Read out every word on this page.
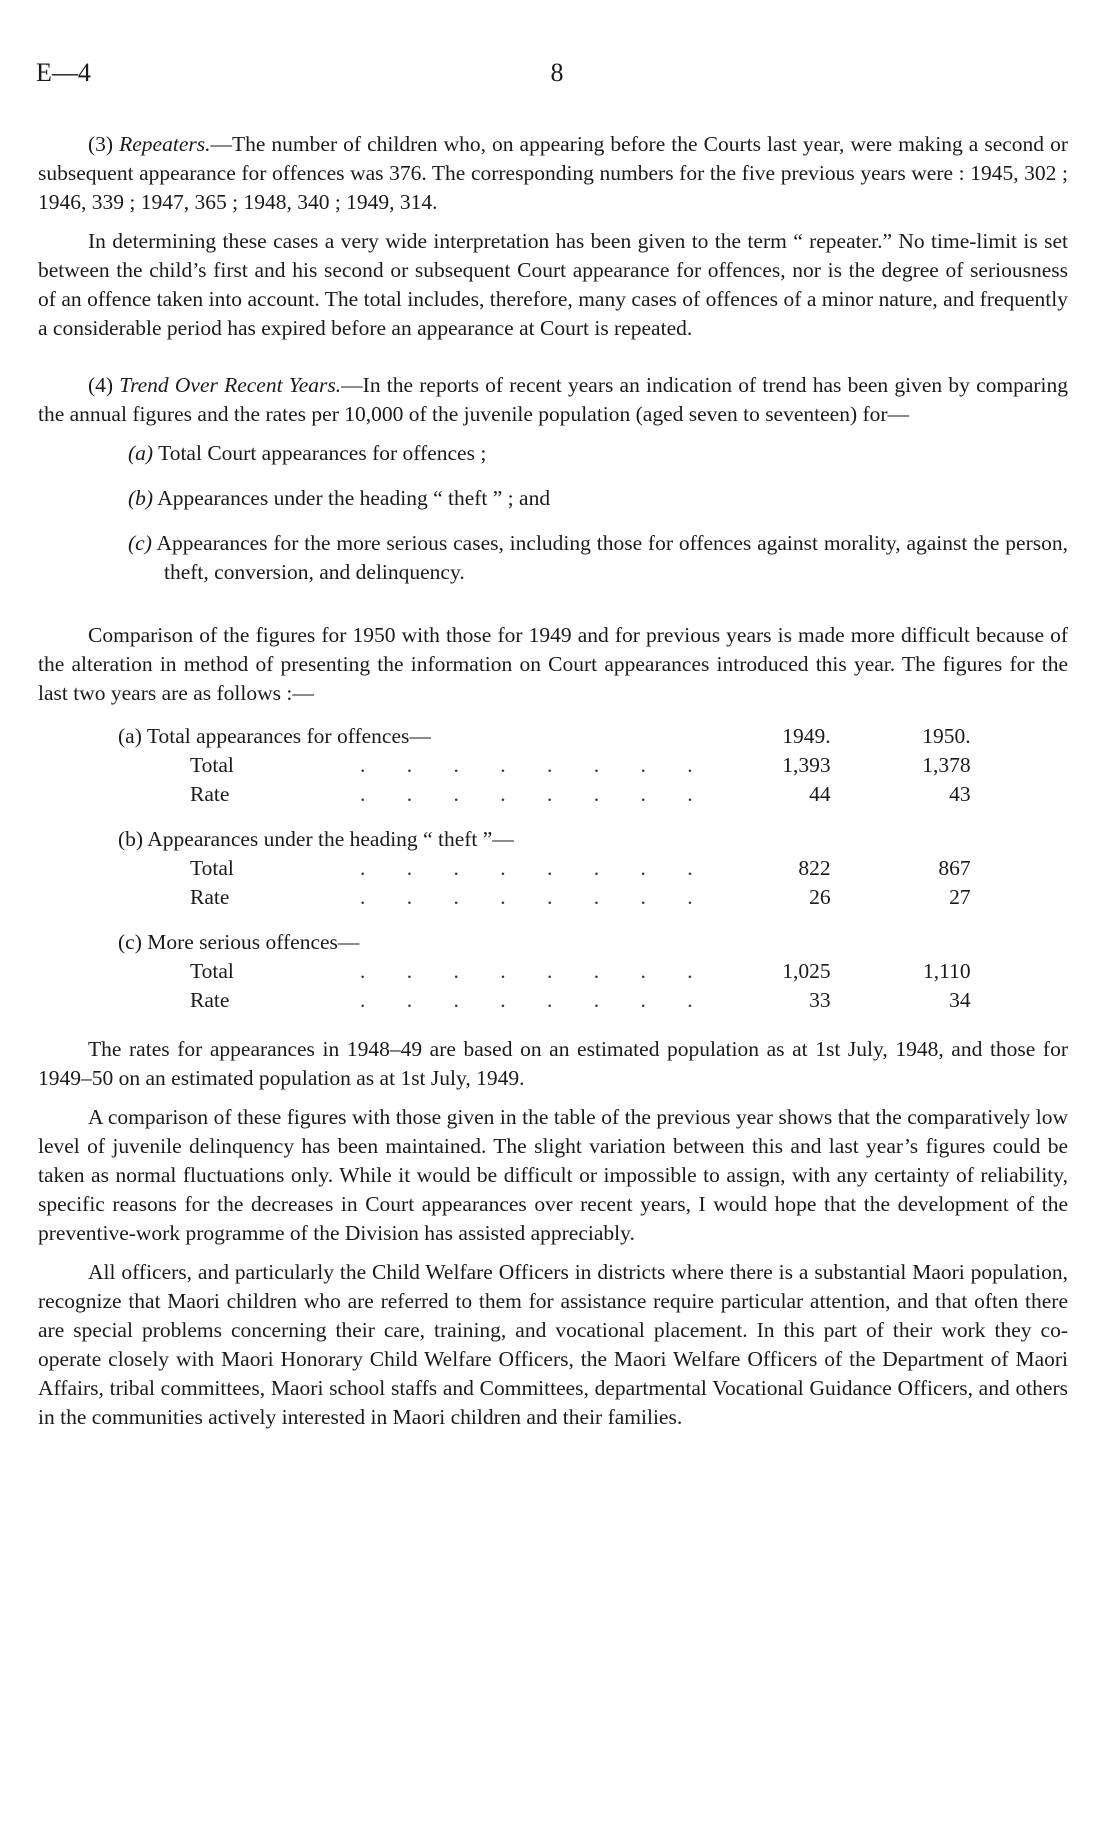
E—4	8

(3) Repeaters.—The number of children who, on appearing before the Courts last year, were making a second or subsequent appearance for offences was 376. The corresponding numbers for the five previous years were : 1945, 302 ; 1946, 339 ; 1947, 365 ; 1948, 340 ; 1949, 314.

In determining these cases a very wide interpretation has been given to the term “ repeater.” No time-limit is set between the child’s first and his second or subsequent Court appearance for offences, nor is the degree of seriousness of an offence taken into account. The total includes, therefore, many cases of offences of a minor nature, and frequently a considerable period has expired before an appearance at Court is repeated.

(4) Trend Over Recent Years.—In the reports of recent years an indication of trend has been given by comparing the annual figures and the rates per 10,000 of the juvenile population (aged seven to seventeen) for—

(a) Total Court appearances for offences ;
(b) Appearances under the heading “ theft ” ; and
(c) Appearances for the more serious cases, including those for offences against morality, against the person, theft, conversion, and delinquency.

Comparison of the figures for 1950 with those for 1949 and for previous years is made more difficult because of the alteration in method of presenting the information on Court appearances introduced this year. The figures for the last two years are as follows :—

(a) Total appearances for offences—		1949.	1950.
Total	. . . . . . . .	1,393	1,378
Rate	. . . . . . . .	44	43

(b) Appearances under the heading “ theft ”—			
Total	. . . . . . . .	822	867
Rate	. . . . . . . .	26	27

(c) More serious offences—			
Total	. . . . . . . .	1,025	1,110
Rate	. . . . . . . .	33	34

The rates for appearances in 1948–49 are based on an estimated population as at 1st July, 1948, and those for 1949–50 on an estimated population as at 1st July, 1949.

A comparison of these figures with those given in the table of the previous year shows that the comparatively low level of juvenile delinquency has been maintained. The slight variation between this and last year’s figures could be taken as normal fluctuations only. While it would be difficult or impossible to assign, with any certainty of reliability, specific reasons for the decreases in Court appearances over recent years, I would hope that the development of the preventive-work programme of the Division has assisted appreciably.

All officers, and particularly the Child Welfare Officers in districts where there is a substantial Maori population, recognize that Maori children who are referred to them for assistance require particular attention, and that often there are special problems concerning their care, training, and vocational placement. In this part of their work they co-operate closely with Maori Honorary Child Welfare Officers, the Maori Welfare Officers of the Department of Maori Affairs, tribal committees, Maori school staffs and Committees, departmental Vocational Guidance Officers, and others in the communities actively interested in Maori children and their families.
